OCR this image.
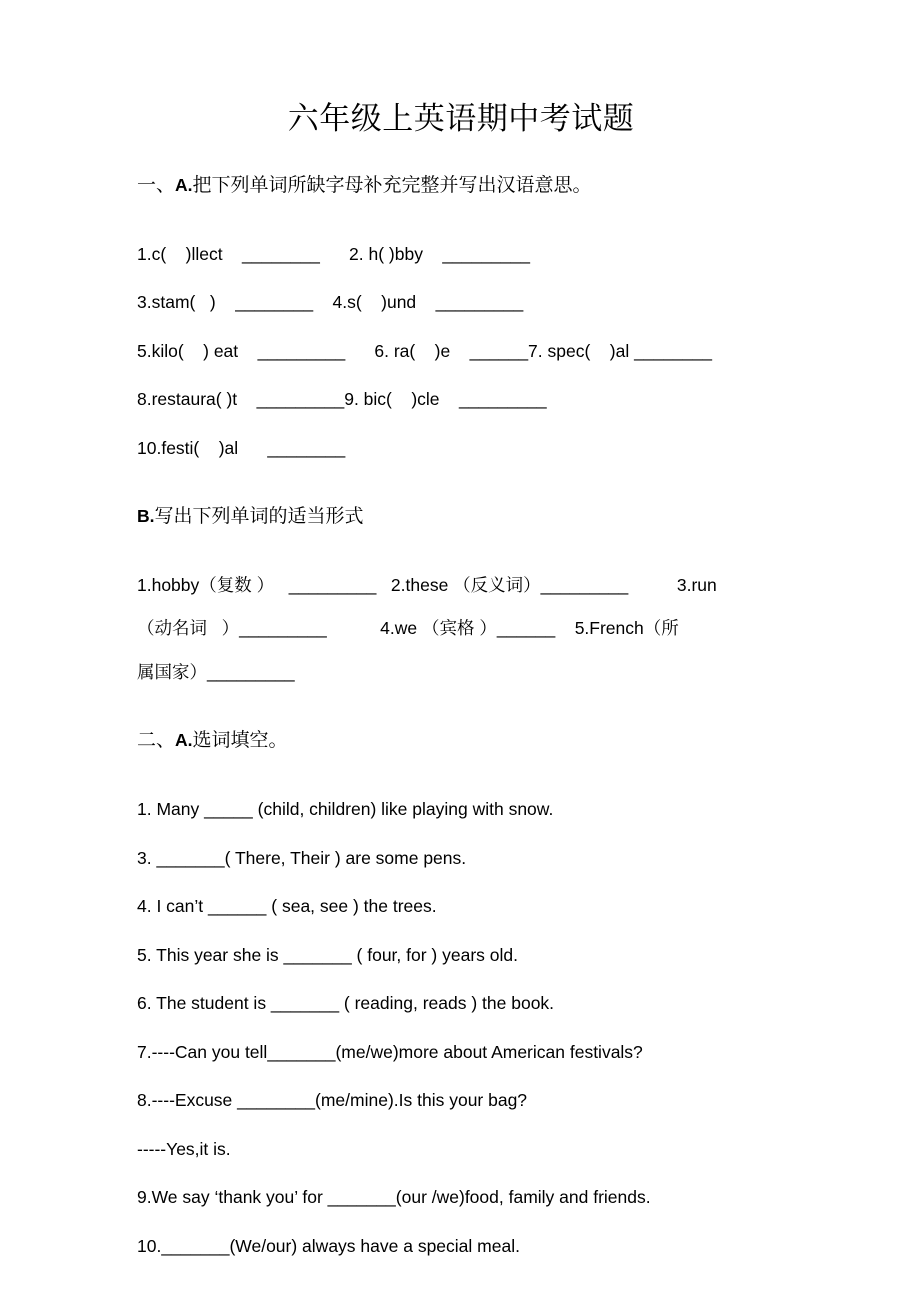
六年级上英语期中考试题

一、A.把下列单词所缺字母补充完整并写出汉语意思。

1.c(    )llect    ________      2. h( )bby    _________

3.stam(   )    ________    4.s(    )und    _________

5.kilo(    ) eat    _________      6. ra(    )e    ______7. spec(    )al ________

8.restaura( )t    _________9. bic(    )cle    _________

10.festi(    )al      ________

B.写出下列单词的适当形式

1.hobby（复数 ）   _________   2.these （反义词）_________          3.run

（动名词   ）_________           4.we （宾格 ）______    5.French（所

属国家）_________

二、A.选词填空。

1. Many _____ (child, children) like playing with snow.

3. _______( There, Their ) are some pens.

4. I can’t ______ ( sea, see ) the trees.

5. This year she is _______ ( four, for ) years old.

6. The student is _______ ( reading, reads ) the book.

7.----Can you tell_______(me/we)more about American festivals?

8.----Excuse ________(me/mine).Is this your bag?

-----Yes,it is.

9.We say ‘thank you’ for _______(our /we)food, family and friends.

10._______(We/our) always have a special meal.
